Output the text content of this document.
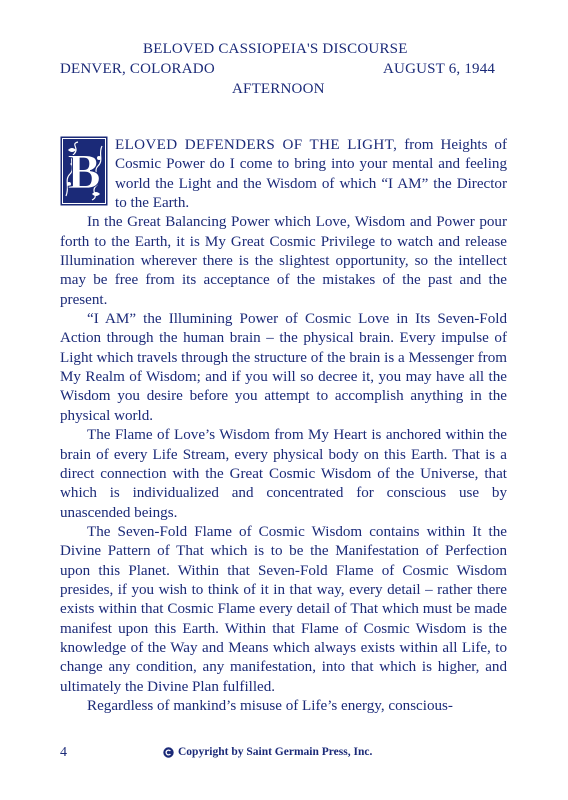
BELOVED CASSIOPEIA'S DISCOURSE
DENVER, COLORADO	AUGUST 6, 1944
AFTERNOON

B ELOVED DEFENDERS OF THE LIGHT, from Heights of Cosmic Power do I come to bring into your mental and feeling world the Light and the Wisdom of which “I AM” the Director to the Earth.

In the Great Balancing Power which Love, Wisdom and Power pour forth to the Earth, it is My Great Cosmic Privilege to watch and release Illumination wherever there is the slightest opportunity, so the intellect may be free from its acceptance of the mistakes of the past and the present.

“I AM” the Illumining Power of Cosmic Love in Its Seven-Fold Action through the human brain – the physical brain. Every impulse of Light which travels through the structure of the brain is a Messenger from My Realm of Wisdom; and if you will so decree it, you may have all the Wisdom you desire before you attempt to accomplish anything in the physical world.

The Flame of Love’s Wisdom from My Heart is anchored within the brain of every Life Stream, every physical body on this Earth. That is a direct connection with the Great Cosmic Wisdom of the Universe, that which is individualized and concentrated for conscious use by unascended beings.

The Seven-Fold Flame of Cosmic Wisdom contains within It the Divine Pattern of That which is to be the Manifestation of Perfection upon this Planet. Within that Seven-Fold Flame of Cosmic Wisdom presides, if you wish to think of it in that way, every detail – rather there exists within that Cosmic Flame every detail of That which must be made manifest upon this Earth. Within that Flame of Cosmic Wisdom is the knowledge of the Way and Means which always exists within all Life, to change any condition, any manifestation, into that which is higher, and ultimately the Divine Plan fulfilled.

Regardless of mankind’s misuse of Life’s energy, conscious-

4	Copyright by Saint Germain Press, Inc.
